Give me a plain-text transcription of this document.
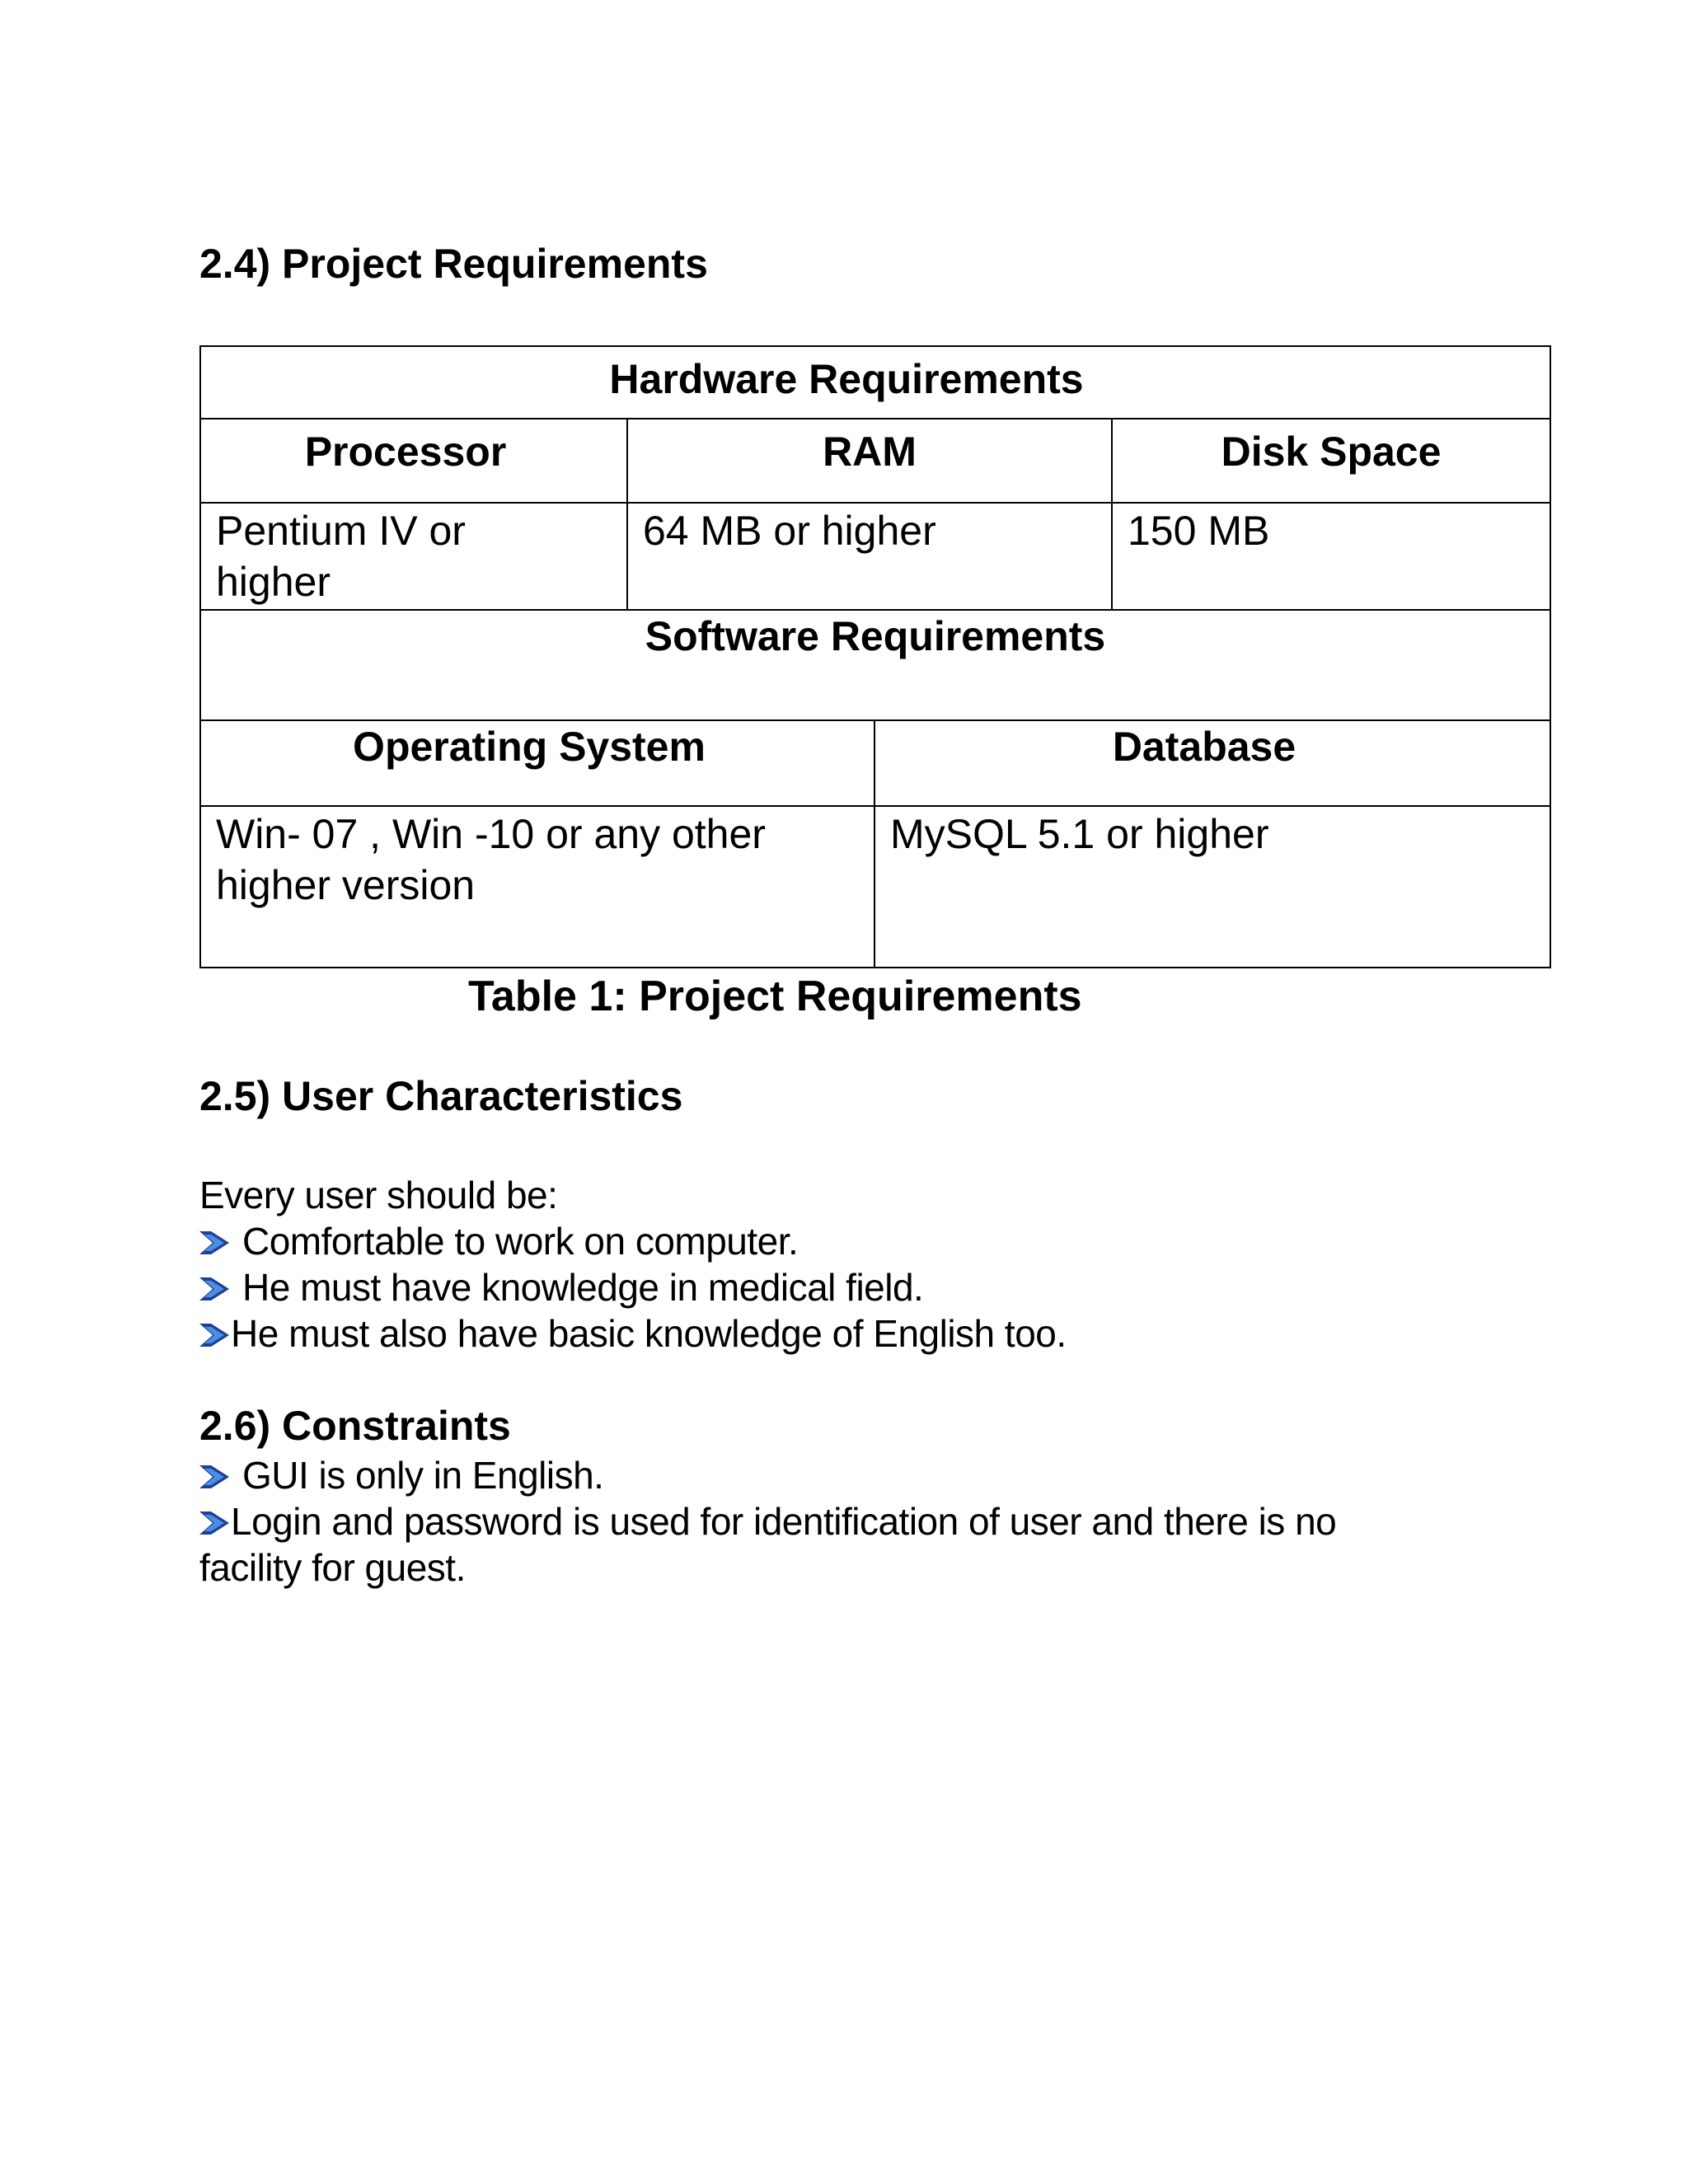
2.4) Project Requirements
Hardware Requirements			

Processor	RAM		Disk Space

Pentium IV or higher	64 MB or higher		150 MB

Software Requirements			

Operating System		Database	

Win- 07 , Win -10 or any other higher version		MySQL 5.1 or higher	
Table 1: Project Requirements
2.5) User Characteristics
Every user should be:
Comfortable to work on computer.
He must have knowledge in medical field.
He must also have basic knowledge of English too.
2.6) Constraints
GUI is only in English.
Login and password is used for identification of user and there is no
facility for guest.
